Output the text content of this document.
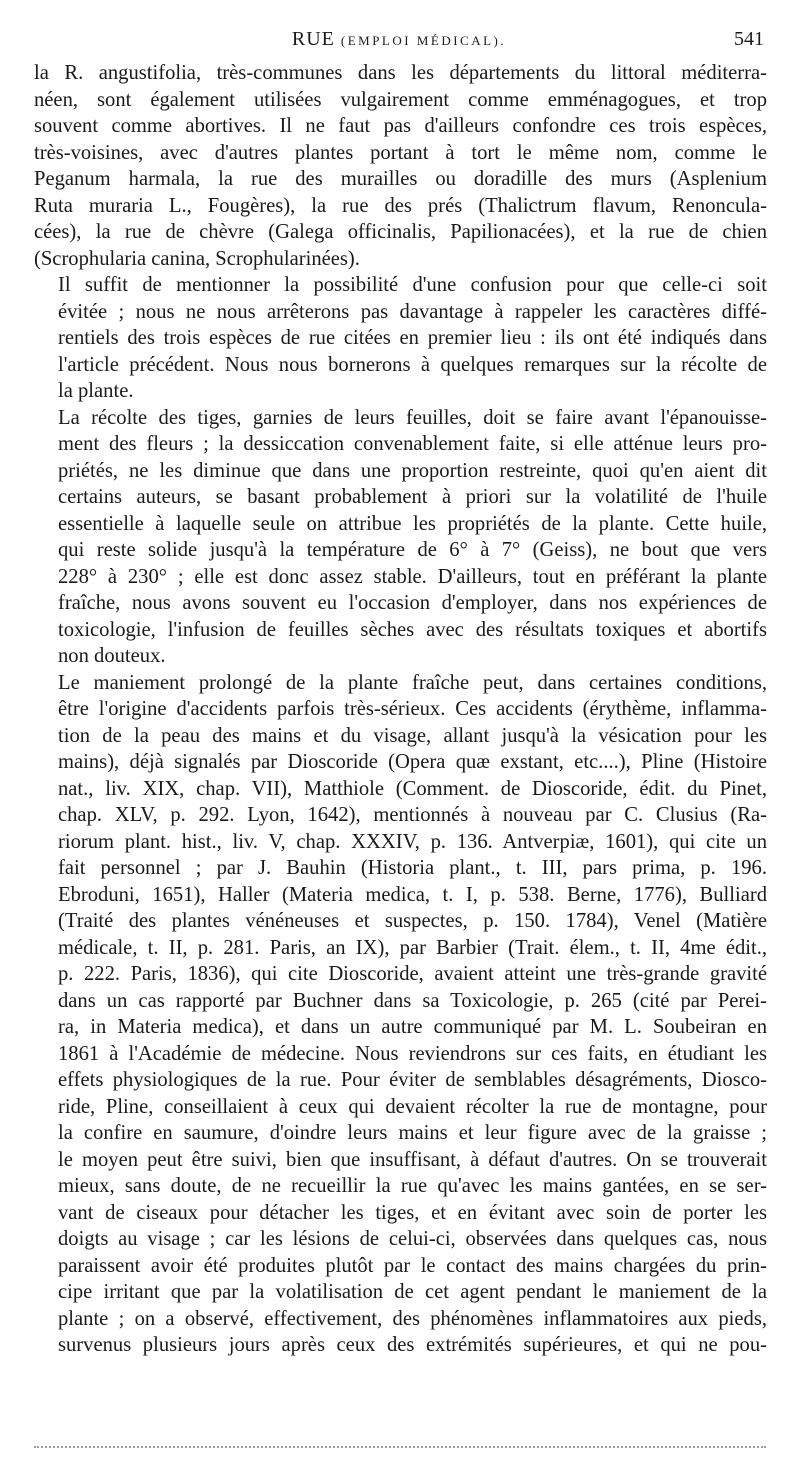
RUE (EMPLOI MÉDICAL).	541
la R. angustifolia, très-communes dans les départements du littoral méditerra-
néen, sont également utilisées vulgairement comme emménagogues, et trop
souvent comme abortives. Il ne faut pas d'ailleurs confondre ces trois espèces,
très-voisines, avec d'autres plantes portant à tort le même nom, comme le
Peganum harmala, la rue des murailles ou doradille des murs (Asplenium
Ruta muraria L., Fougères), la rue des prés (Thalictrum flavum, Renoncula-
cées), la rue de chèvre (Galega officinalis, Papilionacées), et la rue de chien
(Scrophularia canina, Scrophularinées).
Il suffit de mentionner la possibilité d'une confusion pour que celle-ci soit
évitée ; nous ne nous arrêterons pas davantage à rappeler les caractères diffé-
rentiels des trois espèces de rue citées en premier lieu : ils ont été indiqués dans
l'article précédent. Nous nous bornerons à quelques remarques sur la récolte de
la plante.
La récolte des tiges, garnies de leurs feuilles, doit se faire avant l'épanouisse-
ment des fleurs ; la dessiccation convenablement faite, si elle atténue leurs pro-
priétés, ne les diminue que dans une proportion restreinte, quoi qu'en aient dit
certains auteurs, se basant probablement à priori sur la volatilité de l'huile
essentielle à laquelle seule on attribue les propriétés de la plante. Cette huile,
qui reste solide jusqu'à la température de 6° à 7° (Geiss), ne bout que vers
228° à 230° ; elle est donc assez stable. D'ailleurs, tout en préférant la plante
fraîche, nous avons souvent eu l'occasion d'employer, dans nos expériences de
toxicologie, l'infusion de feuilles sèches avec des résultats toxiques et abortifs
non douteux.
Le maniement prolongé de la plante fraîche peut, dans certaines conditions,
être l'origine d'accidents parfois très-sérieux. Ces accidents (érythème, inflamma-
tion de la peau des mains et du visage, allant jusqu'à la vésication pour les
mains), déjà signalés par Dioscoride (Opera quæ exstant, etc....), Pline (Histoire
nat., liv. XIX, chap. VII), Matthiole (Comment. de Dioscoride, édit. du Pinet,
chap. XLV, p. 292. Lyon, 1642), mentionnés à nouveau par C. Clusius (Ra-
riorum plant. hist., liv. V, chap. XXXIV, p. 136. Antverpiæ, 1601), qui cite un
fait personnel ; par J. Bauhin (Historia plant., t. III, pars prima, p. 196.
Ebroduni, 1651), Haller (Materia medica, t. I, p. 538. Berne, 1776), Bulliard
(Traité des plantes vénéneuses et suspectes, p. 150. 1784), Venel (Matière
médicale, t. II, p. 281. Paris, an IX), par Barbier (Trait. élem., t. II, 4me édit.,
p. 222. Paris, 1836), qui cite Dioscoride, avaient atteint une très-grande gravité
dans un cas rapporté par Buchner dans sa Toxicologie, p. 265 (cité par Perei-
ra, in Materia medica), et dans un autre communiqué par M. L. Soubeiran en
1861 à l'Académie de médecine. Nous reviendrons sur ces faits, en étudiant les
effets physiologiques de la rue. Pour éviter de semblables désagréments, Diosco-
ride, Pline, conseillaient à ceux qui devaient récolter la rue de montagne, pour
la confire en saumure, d'oindre leurs mains et leur figure avec de la graisse ;
le moyen peut être suivi, bien que insuffisant, à défaut d'autres. On se trouverait
mieux, sans doute, de ne recueillir la rue qu'avec les mains gantées, en se ser-
vant de ciseaux pour détacher les tiges, et en évitant avec soin de porter les
doigts au visage ; car les lésions de celui-ci, observées dans quelques cas, nous
paraissent avoir été produites plutôt par le contact des mains chargées du prin-
cipe irritant que par la volatilisation de cet agent pendant le maniement de la
plante ; on a observé, effectivement, des phénomènes inflammatoires aux pieds,
survenus plusieurs jours après ceux des extrémités supérieures, et qui ne pou-
